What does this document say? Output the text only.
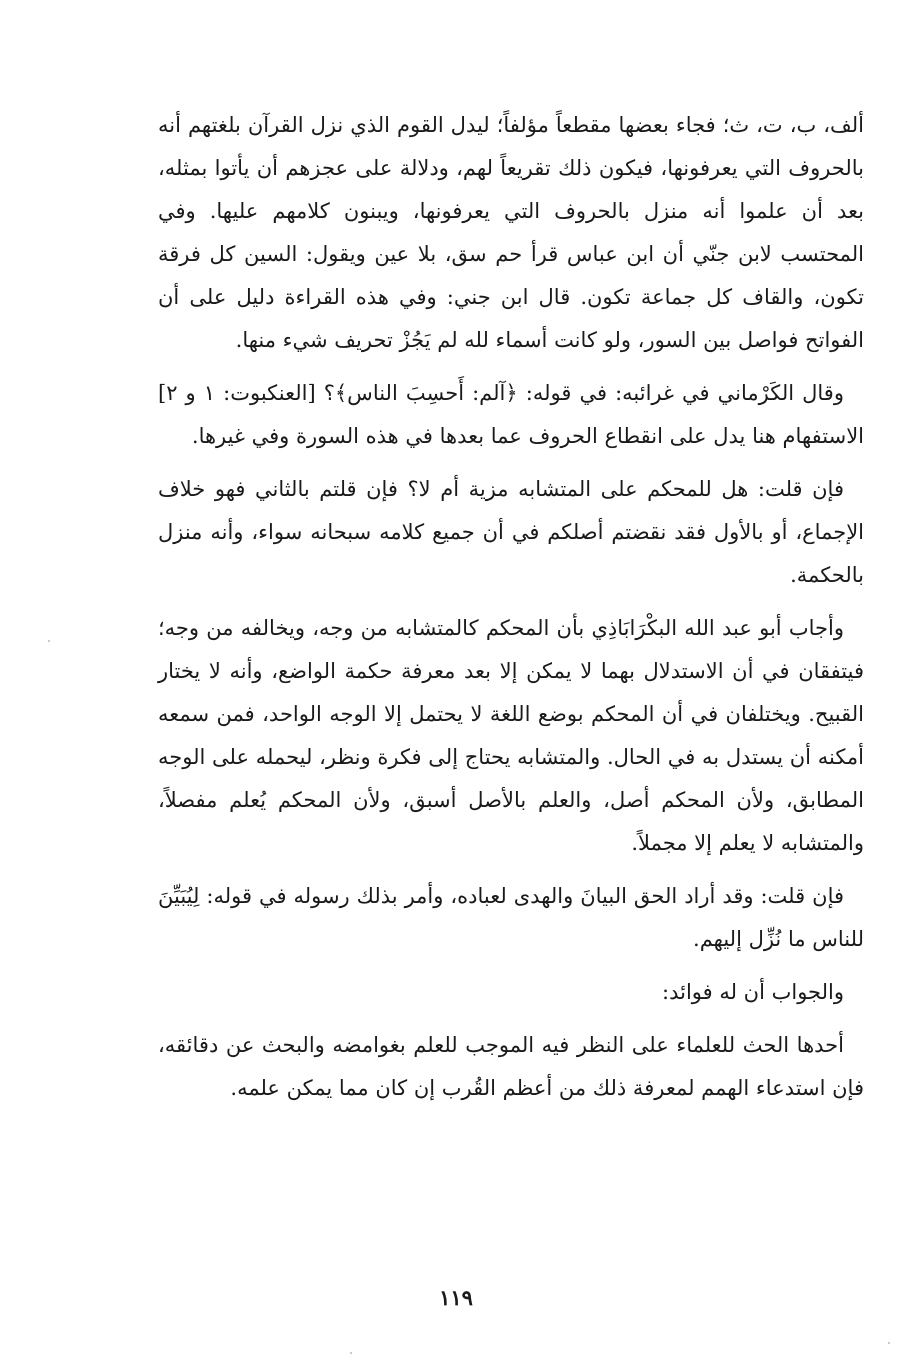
ألف، ب، ت، ث؛ فجاء بعضها مقطعاً مؤلفاً؛ ليدل القوم الذي نزل القرآن بلغتهم أنه بالحروف التي يعرفونها، فيكون ذلك تقريعاً لهم، ودلالة على عجزهم أن يأتوا بمثله، بعد أن علموا أنه منزل بالحروف التي يعرفونها، ويبنون كلامهم عليها. وفي المحتسب لابن جنّي أن ابن عباس قرأ حم سق، بلا عين ويقول: السين كل فرقة تكون، والقاف كل جماعة تكون. قال ابن جني: وفي هذه القراءة دليل على أن الفواتح فواصل بين السور، ولو كانت أسماء لله لم يَجُزْ تحريف شيء منها.

وقال الكَرْماني في غرائبه: في قوله: ﴿آلم: أَحسِبَ الناس﴾؟ [العنكبوت: ١ و ٢] الاستفهام هنا يدل على انقطاع الحروف عما بعدها في هذه السورة وفي غيرها.

فإن قلت: هل للمحكم على المتشابه مزية أم لا؟ فإن قلتم بالثاني فهو خلاف الإجماع، أو بالأول فقد نقضتم أصلكم في أن جميع كلامه سبحانه سواء، وأنه منزل بالحكمة.

وأجاب أبو عبد الله البكْرَابَاذِي بأن المحكم كالمتشابه من وجه، ويخالفه من وجه؛ فيتفقان في أن الاستدلال بهما لا يمكن إلا بعد معرفة حكمة الواضع، وأنه لا يختار القبيح. ويختلفان في أن المحكم بوضع اللغة لا يحتمل إلا الوجه الواحد، فمن سمعه أمكنه أن يستدل به في الحال. والمتشابه يحتاج إلى فكرة ونظر، ليحمله على الوجه المطابق، ولأن المحكم أصل، والعلم بالأصل أسبق، ولأن المحكم يُعلم مفصلاً، والمتشابه لا يعلم إلا مجملاً.

فإن قلت: وقد أراد الحق البيانَ والهدى لعباده، وأمر بذلك رسوله في قوله: لِيُبَيِّنَ للناس ما نُزِّل إليهم.

والجواب أن له فوائد:

أحدها الحث للعلماء على النظر فيه الموجب للعلم بغوامضه والبحث عن دقائقه، فإن استدعاء الهمم لمعرفة ذلك من أعظم القُرب إن كان مما يمكن علمه.

١١٩
